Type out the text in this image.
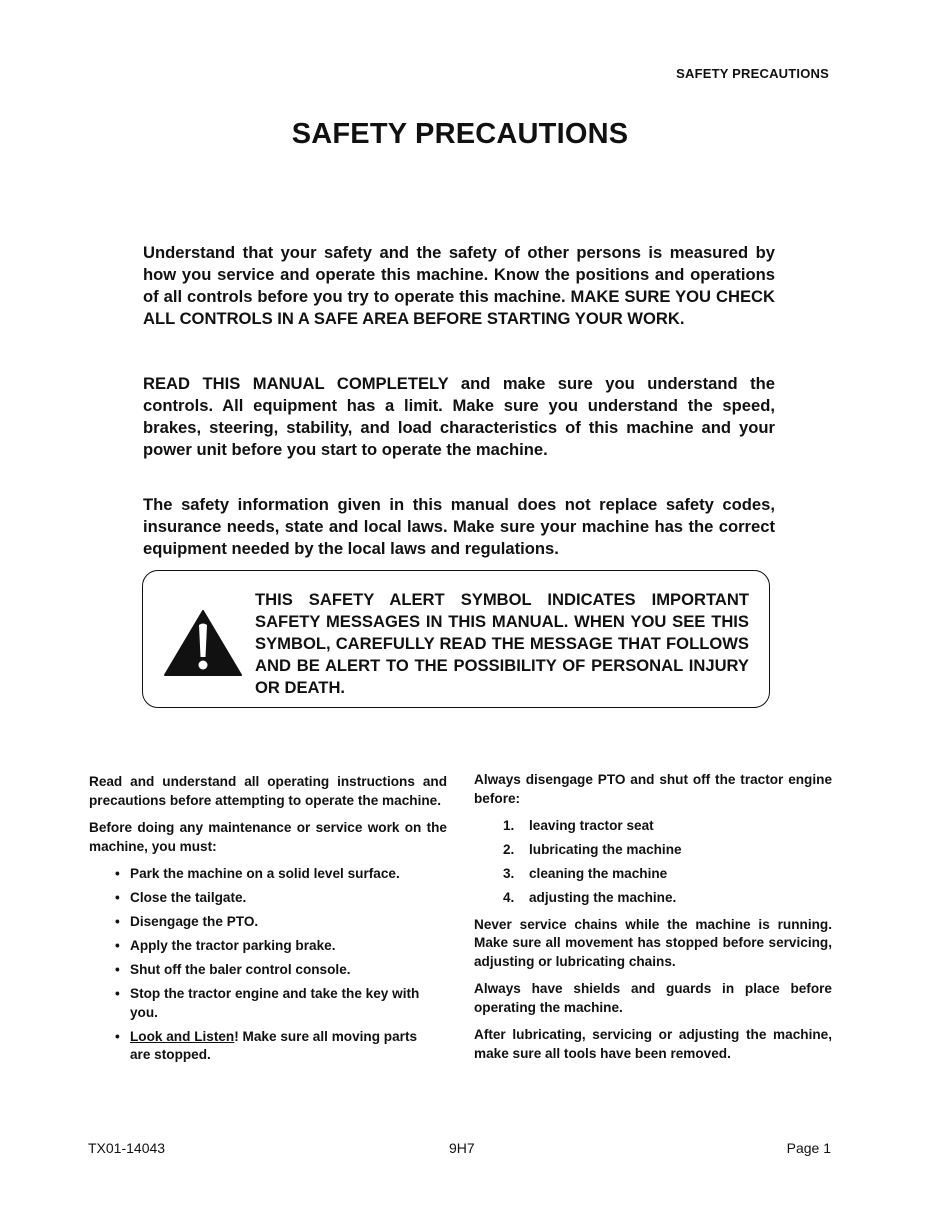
SAFETY PRECAUTIONS
SAFETY PRECAUTIONS

Understand that your safety and the safety of other persons is measured by how you service and operate this machine. Know the positions and operations of all controls before you try to operate this machine. MAKE SURE YOU CHECK ALL CONTROLS IN A SAFE AREA BEFORE STARTING YOUR WORK.

READ THIS MANUAL COMPLETELY and make sure you understand the controls. All equipment has a limit. Make sure you understand the speed, brakes, steering, stability, and load characteristics of this machine and your power unit before you start to operate the machine.

The safety information given in this manual does not replace safety codes, insurance needs, state and local laws. Make sure your machine has the correct equipment needed by the local laws and regulations.

THIS SAFETY ALERT SYMBOL INDICATES IMPORTANT SAFETY MESSAGES IN THIS MANUAL. WHEN YOU SEE THIS SYMBOL, CAREFULLY READ THE MESSAGE THAT FOLLOWS AND BE ALERT TO THE POSSIBILITY OF PERSONAL INJURY OR DEATH.

Read and understand all operating instructions and precautions before attempting to operate the machine.

Before doing any maintenance or service work on the machine, you must:

• Park the machine on a solid level surface.
• Close the tailgate.
• Disengage the PTO.
• Apply the tractor parking brake.
• Shut off the baler control console.
• Stop the tractor engine and take the key with you.
• Look and Listen! Make sure all moving parts are stopped.

Always disengage PTO and shut off the tractor engine before:

1. leaving tractor seat
2. lubricating the machine
3. cleaning the machine
4. adjusting the machine.

Never service chains while the machine is running. Make sure all movement has stopped before servicing, adjusting or lubricating chains.

Always have shields and guards in place before operating the machine.

After lubricating, servicing or adjusting the machine, make sure all tools have been removed.

TX01-14043	9H7	Page 1
